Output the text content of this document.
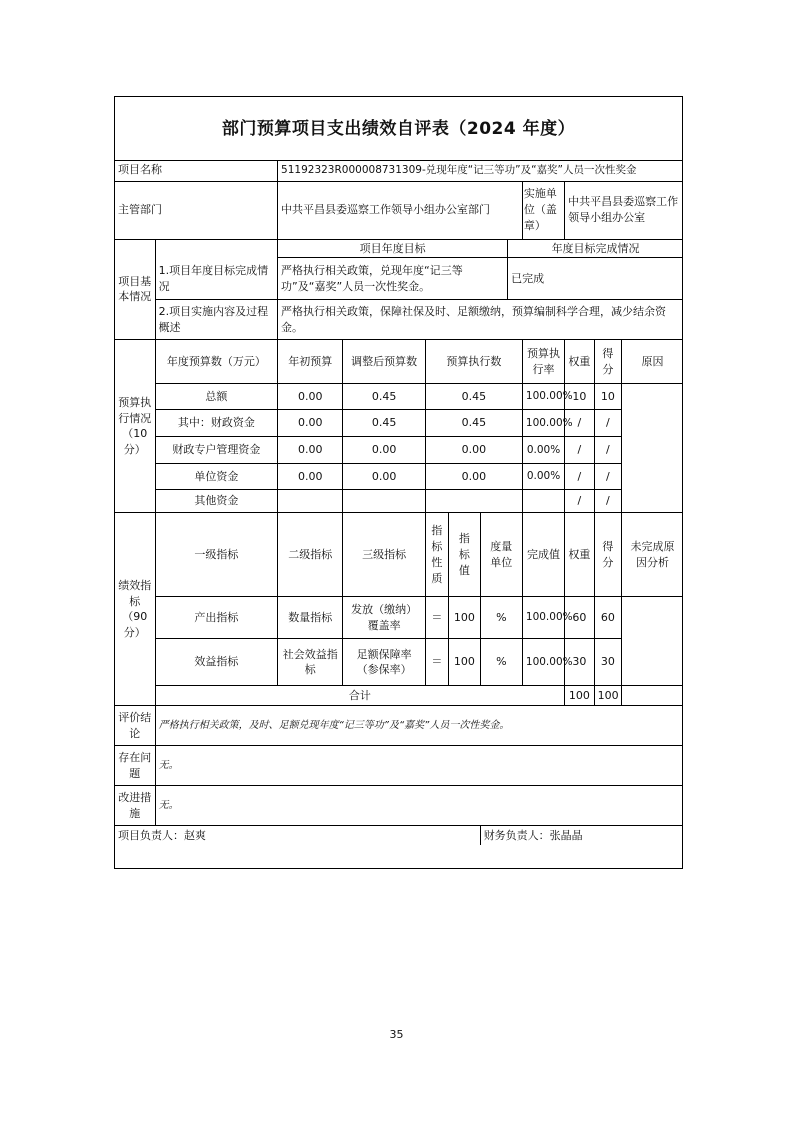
部门预算项目支出绩效自评表（2024 年度）
项目名称		51192323R000008731309-兑现年度“记三等功”及“嘉奖”人员一次性奖金									
主管部门		中共平昌县委巡察工作领导小组办公室部门						实施单位（盖章）	中共平昌县委巡察工作领导小组办公室		
项目基本情况		项目年度目标					年度目标完成情况				
	1.项目年度目标完成情况	严格执行相关政策，兑现年度“记三等功”及“嘉奖”人员一次性奖金。					已完成				
	2.项目实施内容及过程概述	严格执行相关政策，保障社保及时、足额缴纳，预算编制科学合理，减少结余资金。									
预算执行情况（10分）	年度预算数（万元）	年初预算	调整后预算数	预算执行数				预算执行率	权重	得分	原因
	总额	0.00	0.45	0.45				100.00%	10	10	
	其中：财政资金	0.00	0.45	0.45				100.00%	/	/	
	财政专户管理资金	0.00	0.00	0.00				0.00%	/	/	
	单位资金	0.00	0.00	0.00				0.00%	/	/	
	其他资金								/	/	
绩效指标（90分）	一级指标	二级指标	三级指标	指标性质	指标值	度量单位		完成值	权重	得分	未完成原因分析
	产出指标	数量指标	发放（缴纳）覆盖率	＝	100	%		100.00%	60	60	
	效益指标	社会效益指标	足额保障率（参保率）	＝	100	%		100.00%	30	30	
	合计								100	100	
评价结论	严格执行相关政策，及时、足额兑现年度“记三等功”及“嘉奖”人员一次性奖金。										
存在问题	无。										
改进措施	无。										
项目负责人：赵爽						财务负责人：张晶晶					
35
